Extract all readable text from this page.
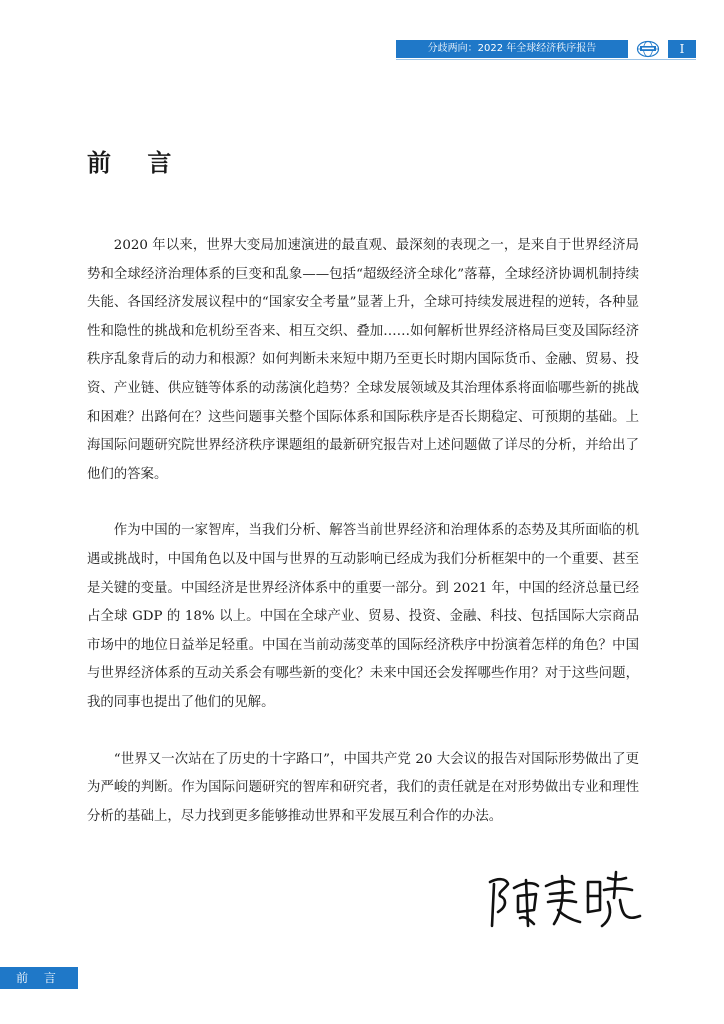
分歧两向：2022 年全球经济秩序报告	I
前 言

2020 年以来，世界大变局加速演进的最直观、最深刻的表现之一，是来自于世界经济局势和全球经济治理体系的巨变和乱象——包括“超级经济全球化”落幕，全球经济协调机制持续失能、各国经济发展议程中的“国家安全考量”显著上升，全球可持续发展进程的逆转，各种显性和隐性的挑战和危机纷至沓来、相互交织、叠加……如何解析世界经济格局巨变及国际经济秩序乱象背后的动力和根源？如何判断未来短中期乃至更长时期内国际货币、金融、贸易、投资、产业链、供应链等体系的动荡演化趋势？全球发展领域及其治理体系将面临哪些新的挑战和困难？出路何在？这些问题事关整个国际体系和国际秩序是否长期稳定、可预期的基础。上海国际问题研究院世界经济秩序课题组的最新研究报告对上述问题做了详尽的分析，并给出了他们的答案。

作为中国的一家智库，当我们分析、解答当前世界经济和治理体系的态势及其所面临的机遇或挑战时，中国角色以及中国与世界的互动影响已经成为我们分析框架中的一个重要、甚至是关键的变量。中国经济是世界经济体系中的重要一部分。到 2021 年，中国的经济总量已经占全球 GDP 的 18% 以上。中国在全球产业、贸易、投资、金融、科技、包括国际大宗商品市场中的地位日益举足轻重。中国在当前动荡变革的国际经济秩序中扮演着怎样的角色？中国与世界经济体系的互动关系会有哪些新的变化？未来中国还会发挥哪些作用？对于这些问题，我的同事也提出了他们的见解。

“世界又一次站在了历史的十字路口”，中国共产党 20 大会议的报告对国际形势做出了更为严峻的判断。作为国际问题研究的智库和研究者，我们的责任就是在对形势做出专业和理性分析的基础上，尽力找到更多能够推动世界和平发展互利合作的办法。

前 言
